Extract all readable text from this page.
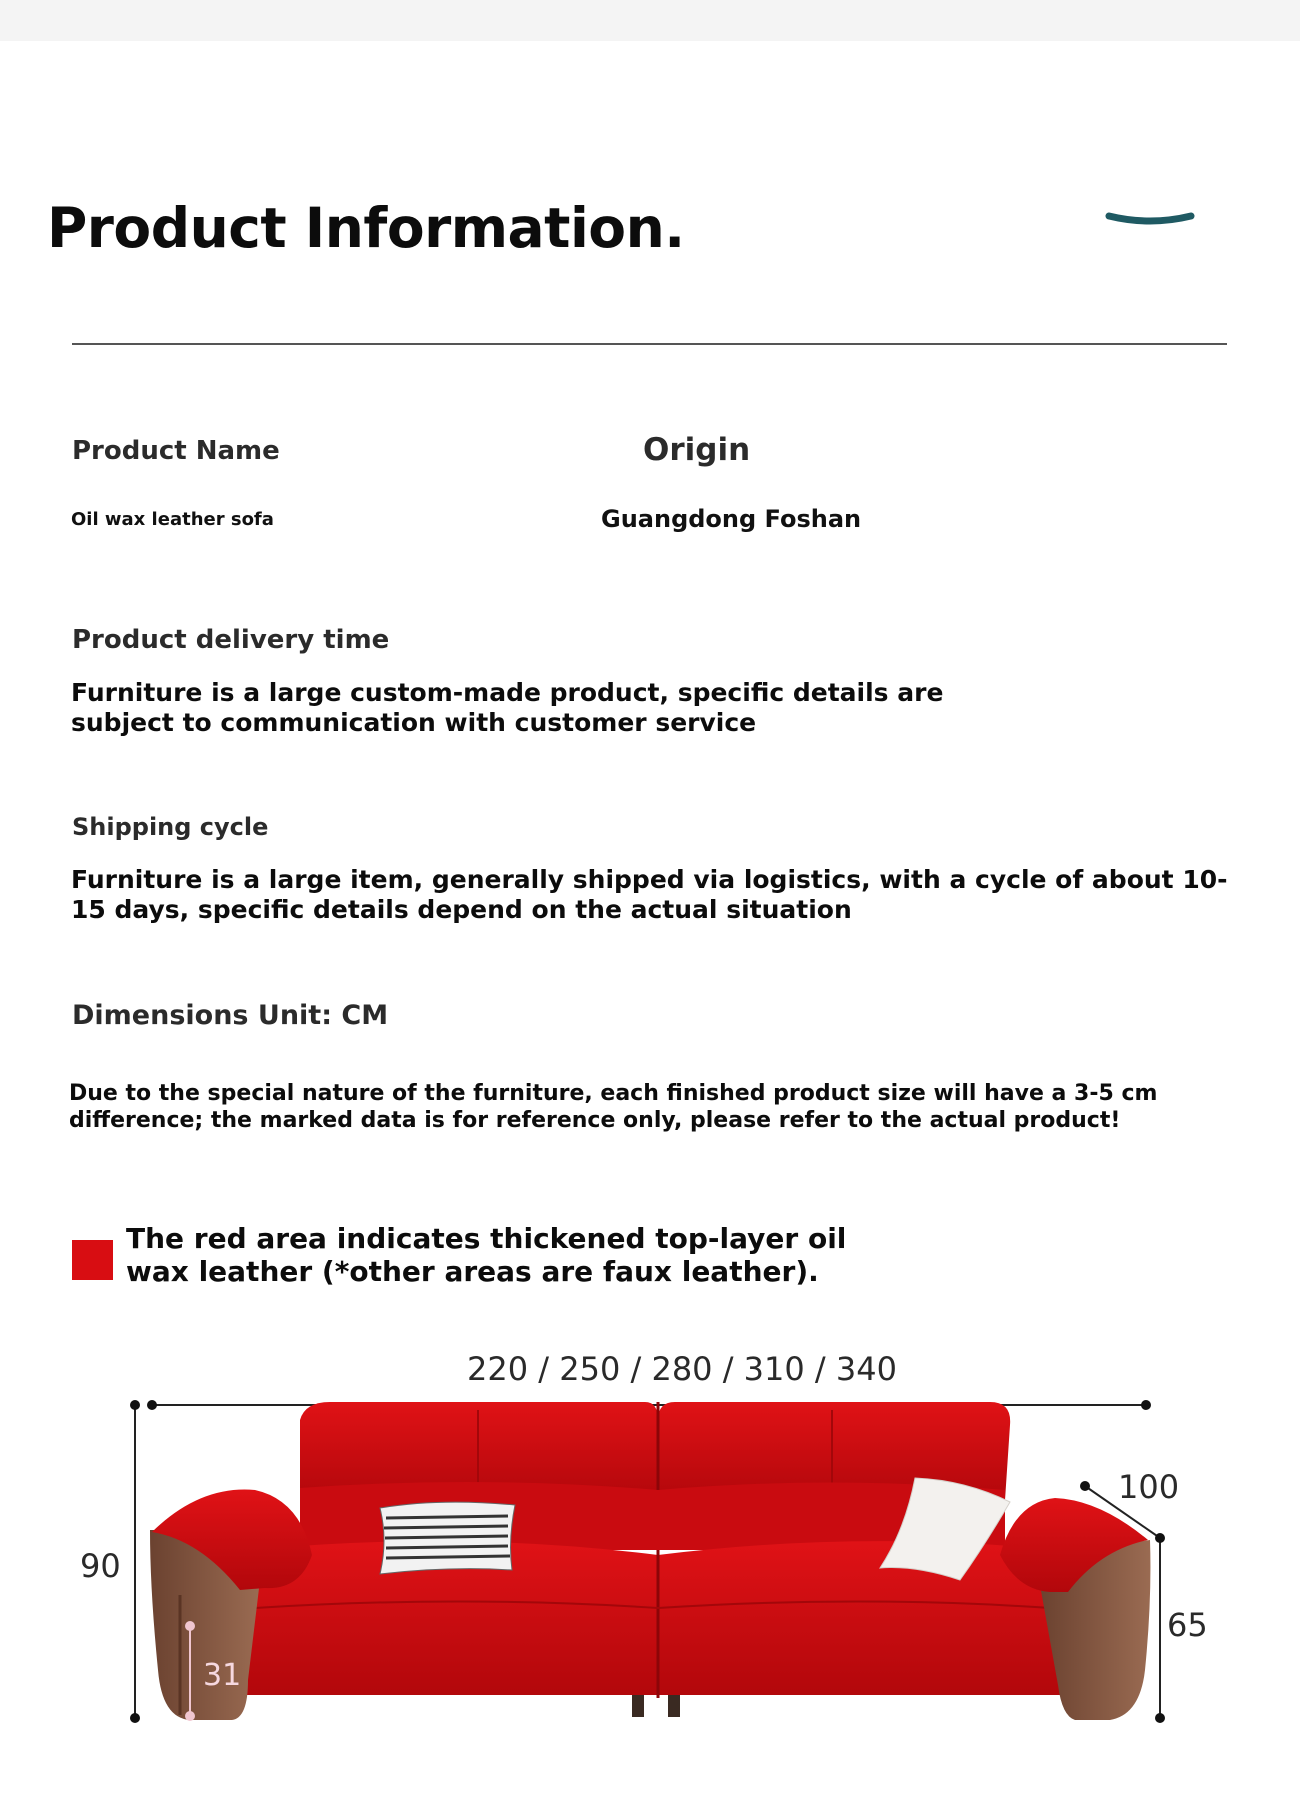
Product Information.
Product Name

Oil wax leather sofa

Origin

Guangdong Foshan

Product delivery time

Furniture is a large custom-made product, specific details are subject to communication with customer service

Shipping cycle

Furniture is a large item, generally shipped via logistics, with a cycle of about 10-15 days, specific details depend on the actual situation

Dimensions Unit: CM

Due to the special nature of the furniture, each finished product size will have a 3-5 cm difference; the marked data is for reference only, please refer to the actual product!

The red area indicates thickened top-layer oil wax leather (*other areas are faux leather).

220 / 250 / 280 / 310 / 340
90
100
65
31
